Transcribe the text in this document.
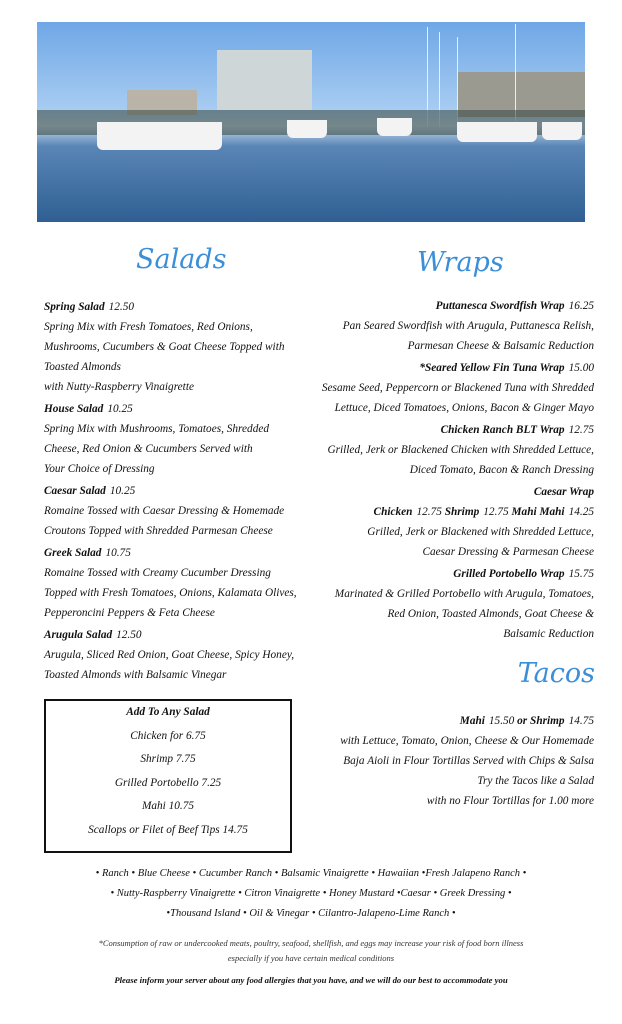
Salads	Wraps
Spring Salad 12.50
Spring Mix with Fresh Tomatoes, Red Onions,
Mushrooms, Cucumbers & Goat Cheese Topped with
Toasted Almonds
with Nutty-Raspberry Vinaigrette
House Salad 10.25
Spring Mix with Mushrooms, Tomatoes, Shredded
Cheese, Red Onion & Cucumbers Served with
Your Choice of Dressing
Caesar Salad 10.25
Romaine Tossed with Caesar Dressing & Homemade
Croutons Topped with Shredded Parmesan Cheese
Greek Salad 10.75
Romaine Tossed with Creamy Cucumber Dressing
Topped with Fresh Tomatoes, Onions, Kalamata Olives,
Pepperoncini Peppers & Feta Cheese
Arugula Salad 12.50
Arugula, Sliced Red Onion, Goat Cheese, Spicy Honey,
Toasted Almonds with Balsamic Vinegar
Add To Any Salad
Chicken for 6.75
Shrimp 7.75
Grilled Portobello 7.25
Mahi 10.75
Scallops or Filet of Beef Tips 14.75
Puttanesca Swordfish Wrap 16.25
Pan Seared Swordfish with Arugula, Puttanesca Relish,
Parmesan Cheese & Balsamic Reduction
*Seared Yellow Fin Tuna Wrap 15.00
Sesame Seed, Peppercorn or Blackened Tuna with Shredded
Lettuce, Diced Tomatoes, Onions, Bacon & Ginger Mayo
Chicken Ranch BLT Wrap 12.75
Grilled, Jerk or Blackened Chicken with Shredded Lettuce,
Diced Tomato, Bacon & Ranch Dressing
Caesar Wrap
Chicken 12.75 Shrimp 12.75 Mahi Mahi 14.25
Grilled, Jerk or Blackened with Shredded Lettuce,
Caesar Dressing & Parmesan Cheese
Grilled Portobello Wrap 15.75
Marinated & Grilled Portobello with Arugula, Tomatoes,
Red Onion, Toasted Almonds, Goat Cheese &
Balsamic Reduction
Tacos
Mahi 15.50 or Shrimp 14.75
with Lettuce, Tomato, Onion, Cheese & Our Homemade
Baja Aioli in Flour Tortillas Served with Chips & Salsa
Try the Tacos like a Salad
with no Flour Tortillas for 1.00 more
• Ranch • Blue Cheese • Cucumber Ranch • Balsamic Vinaigrette • Hawaiian •Fresh Jalapeno Ranch •
• Nutty-Raspberry Vinaigrette • Citron Vinaigrette • Honey Mustard •Caesar • Greek Dressing •
•Thousand Island • Oil & Vinegar • Cilantro-Jalapeno-Lime Ranch •
*Consumption of raw or undercooked meats, poultry, seafood, shellfish, and eggs may increase your risk of food born illness
especially if you have certain medical conditions
Please inform your server about any food allergies that you have, and we will do our best to accommodate you
